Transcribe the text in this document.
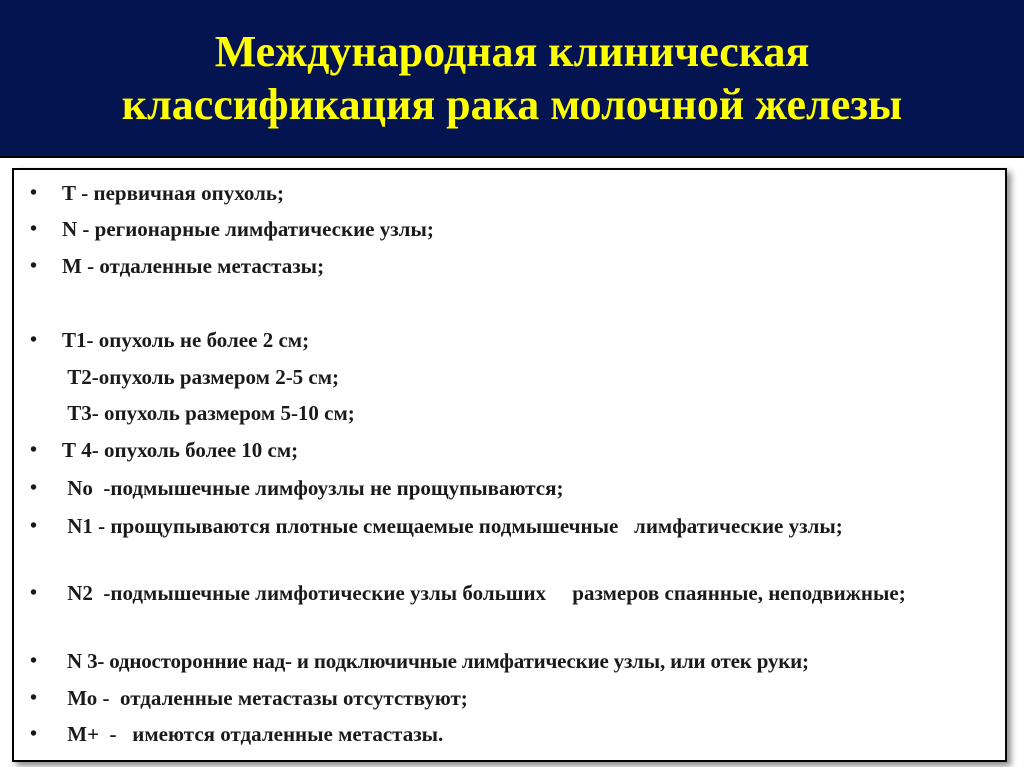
Международная клиническая
классификация рака молочной железы
• Т - первичная опухоль;
• N - регионарные лимфатические узлы;
• М - отдаленные метастазы;
• Т1- опухоль не более 2 см;
Т2-опухоль размером 2-5 см;
Т3- опухоль размером 5-10 см;
• Т 4- опухоль более 10 см;
• No  -подмышечные лимфоузлы не прощупываются;
• N1 - прощупываются плотные смещаемые подмышечные   лимфатические узлы;
• N2  -подмышечные лимфотические узлы больших     размеров спаянные, неподвижные;
• N 3- односторонние над- и подключичные лимфатические узлы, или отек руки;
• Мо -  отдаленные метастазы отсутствуют;
• М+  -   имеются отдаленные метастазы.
